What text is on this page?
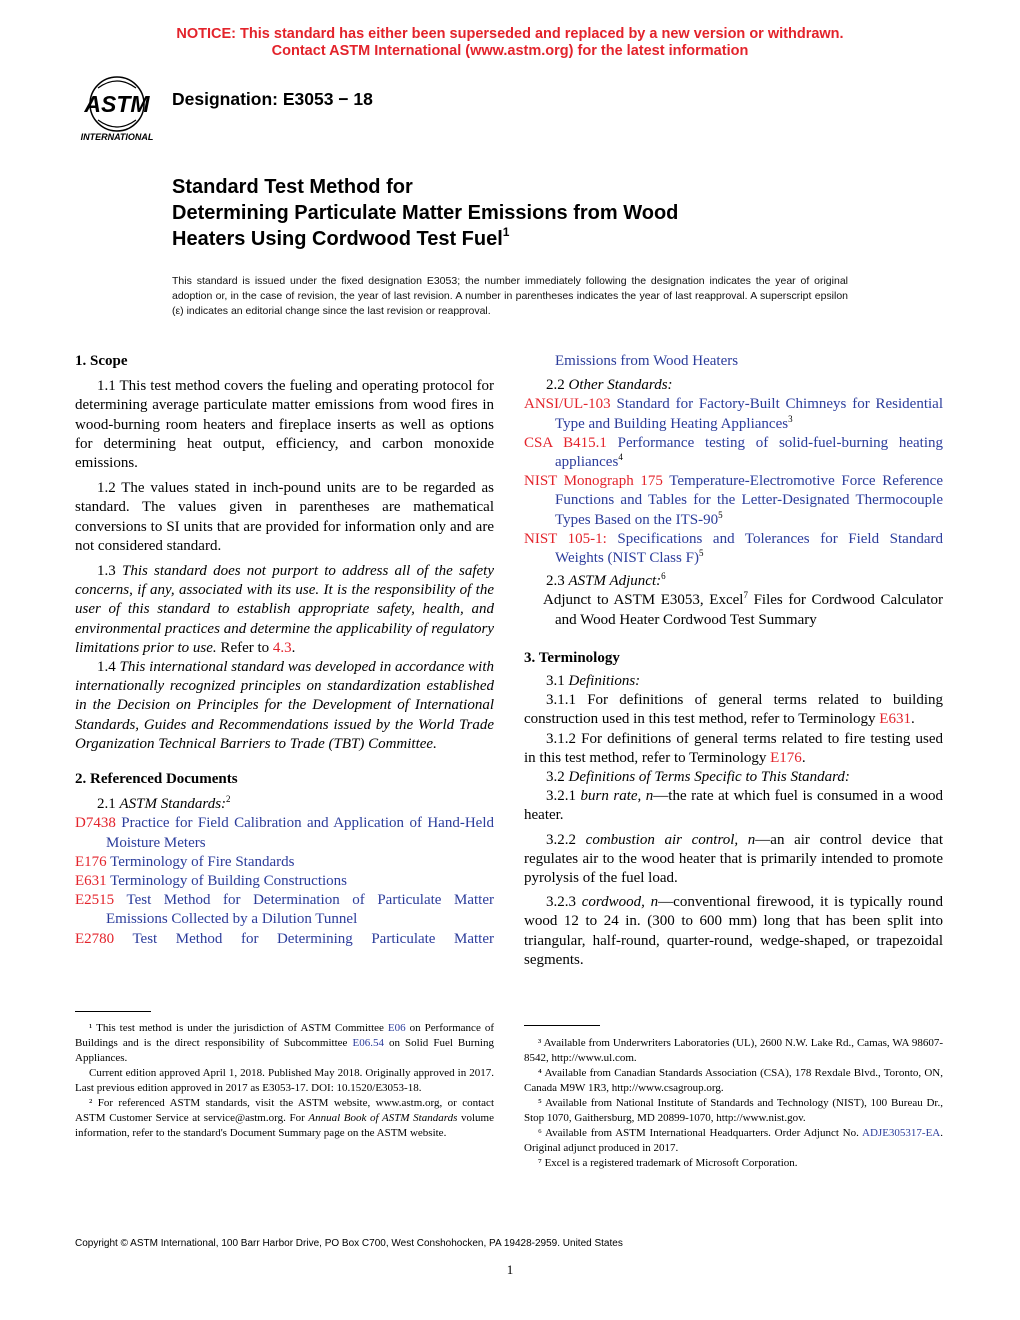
NOTICE: This standard has either been superseded and replaced by a new version or withdrawn.
Contact ASTM International (www.astm.org) for the latest information
ASTM
INTERNATIONAL
Designation: E3053 − 18
Standard Test Method for
Determining Particulate Matter Emissions from Wood
Heaters Using Cordwood Test Fuel$^1$
This standard is issued under the fixed designation E3053; the number immediately following the designation indicates the year of original adoption or, in the case of revision, the year of last revision. A number in parentheses indicates the year of last reapproval. A superscript epsilon (ε) indicates an editorial change since the last revision or reapproval.

1. Scope

1.1 This test method covers the fueling and operating protocol for determining average particulate matter emissions from wood fires in wood-burning room heaters and fireplace inserts as well as options for determining heat output, efficiency, and carbon monoxide emissions.

1.2 The values stated in inch-pound units are to be regarded as standard. The values given in parentheses are mathematical conversions to SI units that are provided for information only and are not considered standard.

1.3 This standard does not purport to address all of the safety concerns, if any, associated with its use. It is the responsibility of the user of this standard to establish appropriate safety, health, and environmental practices and determine the applicability of regulatory limitations prior to use. Refer to 4.3.

1.4 This international standard was developed in accordance with internationally recognized principles on standardization established in the Decision on Principles for the Development of International Standards, Guides and Recommendations issued by the World Trade Organization Technical Barriers to Trade (TBT) Committee.

2. Referenced Documents

2.1 ASTM Standards:$^2$

D7438 Practice for Field Calibration and Application of Hand-Held Moisture Meters

E176 Terminology of Fire Standards

E631 Terminology of Building Constructions

E2515 Test Method for Determination of Particulate Matter Emissions Collected by a Dilution Tunnel

E2780 Test Method for Determining Particulate Matter

Emissions from Wood Heaters

2.2 Other Standards:

ANSI/UL-103 Standard for Factory-Built Chimneys for Residential Type and Building Heating Appliances$^3$

CSA B415.1 Performance testing of solid-fuel-burning heating appliances$^4$

NIST Monograph 175 Temperature-Electromotive Force Reference Functions and Tables for the Letter-Designated Thermocouple Types Based on the ITS-$90^5$

NIST 105-1: Specifications and Tolerances for Field Standard Weights (NIST Class F)$^5$

2.3 ASTM Adjunct:$^6$

Adjunct to ASTM E3053, Excel$^7$ Files for Cordwood Calculator and Wood Heater Cordwood Test Summary

3. Terminology

3.1 Definitions:

3.1.1 For definitions of general terms related to building construction used in this test method, refer to Terminology E631.

3.1.2 For definitions of general terms related to fire testing used in this test method, refer to Terminology E176.

3.2 Definitions of Terms Specific to This Standard:

3.2.1 burn rate, n—the rate at which fuel is consumed in a wood heater.

3.2.2 combustion air control, n—an air control device that regulates air to the wood heater that is primarily intended to promote pyrolysis of the fuel load.

3.2.3 cordwood, n—conventional firewood, it is typically round wood 12 to 24 in. (300 to 600 mm) long that has been split into triangular, half-round, quarter-round, wedge-shaped, or trapezoidal segments.

¹ This test method is under the jurisdiction of ASTM Committee E06 on Performance of Buildings and is the direct responsibility of Subcommittee E06.54 on Solid Fuel Burning Appliances.

Current edition approved April 1, 2018. Published May 2018. Originally approved in 2017. Last previous edition approved in 2017 as E3053-17. DOI: 10.1520/E3053-18.

² For referenced ASTM standards, visit the ASTM website, www.astm.org, or contact ASTM Customer Service at service@astm.org. For Annual Book of ASTM Standards volume information, refer to the standard's Document Summary page on the ASTM website.

³ Available from Underwriters Laboratories (UL), 2600 N.W. Lake Rd., Camas, WA 98607-8542, http://www.ul.com.

⁴ Available from Canadian Standards Association (CSA), 178 Rexdale Blvd., Toronto, ON, Canada M9W 1R3, http://www.csagroup.org.

⁵ Available from National Institute of Standards and Technology (NIST), 100 Bureau Dr., Stop 1070, Gaithersburg, MD 20899-1070, http://www.nist.gov.

⁶ Available from ASTM International Headquarters. Order Adjunct No. ADJE305317-EA. Original adjunct produced in 2017.

⁷ Excel is a registered trademark of Microsoft Corporation.

Copyright © ASTM International, 100 Barr Harbor Drive, PO Box C700, West Conshohocken, PA 19428-2959. United States
1
